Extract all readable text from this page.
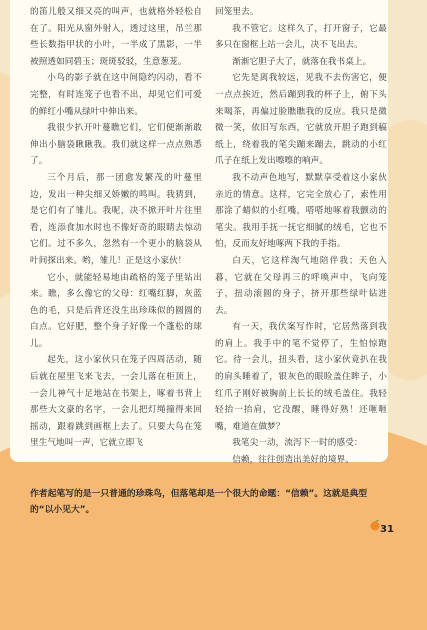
的笛儿般又细又亮的叫声，也就格外轻松自在了。阳光从窗外射入，透过这里，吊兰那些长数指甲状的小叶，一半成了黑影，一半被照透如同碧玉；斑斑驳驳，生意葱茏。

小鸟的影子就在这中间隐约闪动，看不完整，有时连笼子也看不出，却见它们可爱的鲜红小嘴从绿叶中伸出来。

我很少扒开叶蔓瞧它们，它们便渐渐敢伸出小脑袋瞅瞅我。我们就这样一点点熟悉了。

三个月后，那一团愈发繁茂的叶蔓里边，发出一种尖细又娇嫩的鸣叫。我猜到，是它们有了雏儿。我呢，决不掀开叶片往里看，连添食加水时也不像好奇的眼睛去惊动它们。过不多久，忽然有一个更小的脑袋从叶间探出来。哟，雏儿！正是这小家伙！

它小，就能轻易地由疏格的笼子里钻出来。瞧，多么像它的父母：红嘴红脚，灰蓝色的毛，只是后背还没生出珍珠似的圆圆的白点。它好肥，整个身子好像一个蓬松的球儿。

起先，这小家伙只在笼子四周活动，随后就在屋里飞来飞去，一会儿落在柜顶上，一会儿神气十足地站在书架上，啄着书背上那些大文豪的名字，一会儿把灯绳撞得来回摇动，跟着跳到画框上去了。只要大鸟在笼里生气地叫一声，它就立即飞

回笼里去。

我不管它。这样久了，打开窗子，它最多只在窗框上站一会儿，决不飞出去。

渐渐它胆子大了，就落在我书桌上。

它先是离我较远，见我不去伤害它，便一点点挨近，然后蹦到我的杯子上，俯下头来喝茶，再偏过脸瞧瞧我的反应。我只是微微一笑，依旧写东西，它就放开胆子跑到稿纸上，绕着我的笔尖蹦来蹦去，跳动的小红爪子在纸上发出嚓嚓的响声。

我不动声色地写，默默享受着这小家伙亲近的情意。这样，它完全放心了，索性用那涂了蜡似的小红嘴，嗒嗒地啄着我颤动的笔尖。我用手抚一抚它细腻的绒毛，它也不怕，反而友好地啄两下我的手指。

白天，它这样淘气地陪伴我；天色入暮，它就在父母再三的呼唤声中，飞向笼子，扭动滚圆的身子，挤开那些绿叶钻进去。

有一天，我伏案写作时，它居然落到我的肩上。我手中的笔不觉停了，生怕惊跑它。待一会儿，扭头看，这小家伙竟扒在我的肩头睡着了，银灰色的眼睑盖住眸子，小红爪子刚好被胸前上长长的绒毛盖住。我轻轻抬一抬肩，它没醒，睡得好熟！还咂咂嘴，难道在做梦？

我笔尖一动，流泻下一时的感受：

信赖，往往创造出美好的境界。

作者起笔写的是一只普通的珍珠鸟，但落笔却是一个很大的命题：“信赖”。这就是典型的“以小见大”。
31
